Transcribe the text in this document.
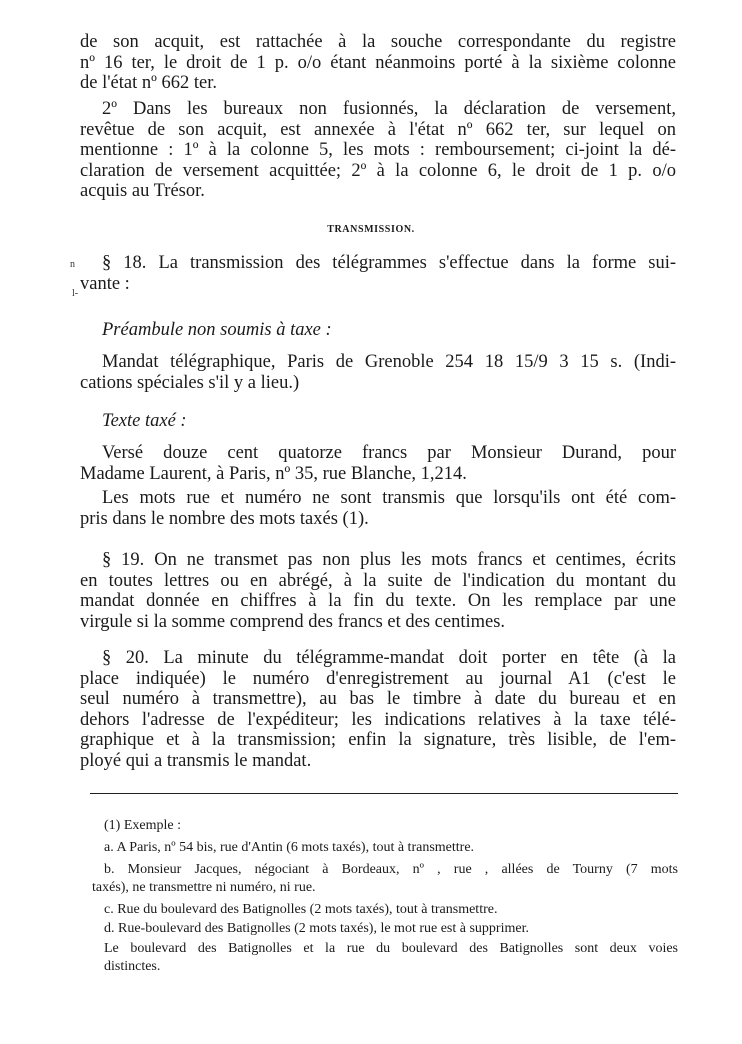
de son acquit, est rattachée à la souche correspondante du registre
nº 16 ter, le droit de 1 p. o/o étant néanmoins porté à la sixième colonne
de l'état nº 662 ter.
2º Dans les bureaux non fusionnés, la déclaration de versement,
revêtue de son acquit, est annexée à l'état nº 662 ter, sur lequel on
mentionne : 1º à la colonne 5, les mots : remboursement; ci-joint la dé-
claration de versement acquittée; 2º à la colonne 6, le droit de 1 p. o/o
acquis au Trésor.
TRANSMISSION.
n
l-
§ 18. La transmission des télégrammes s'effectue dans la forme sui-
vante :
Préambule non soumis à taxe :
Mandat télégraphique, Paris de Grenoble 254 18 15/9 3 15 s. (Indi-
cations spéciales s'il y a lieu.)
Texte taxé :
Versé douze cent quatorze francs par Monsieur Durand, pour
Madame Laurent, à Paris, nº 35, rue Blanche, 1,214.
Les mots rue et numéro ne sont transmis que lorsqu'ils ont été com-
pris dans le nombre des mots taxés (1).
§ 19. On ne transmet pas non plus les mots francs et centimes, écrits
en toutes lettres ou en abrégé, à la suite de l'indication du montant du
mandat donnée en chiffres à la fin du texte. On les remplace par une
virgule si la somme comprend des francs et des centimes.
§ 20. La minute du télégramme-mandat doit porter en tête (à la
place indiquée) le numéro d'enregistrement au journal A1 (c'est le
seul numéro à transmettre), au bas le timbre à date du bureau et en
dehors l'adresse de l'expéditeur; les indications relatives à la taxe télé-
graphique et à la transmission; enfin la signature, très lisible, de l'em-
ployé qui a transmis le mandat.
(1) Exemple :
a. A Paris, nº 54 bis, rue d'Antin (6 mots taxés), tout à transmettre.
b. Monsieur Jacques, négociant à Bordeaux, nº , rue , allées de Tourny (7 mots
taxés), ne transmettre ni numéro, ni rue.
c. Rue du boulevard des Batignolles (2 mots taxés), tout à transmettre.
d. Rue-boulevard des Batignolles (2 mots taxés), le mot rue est à supprimer.
Le boulevard des Batignolles et la rue du boulevard des Batignolles sont deux voies
distinctes.
